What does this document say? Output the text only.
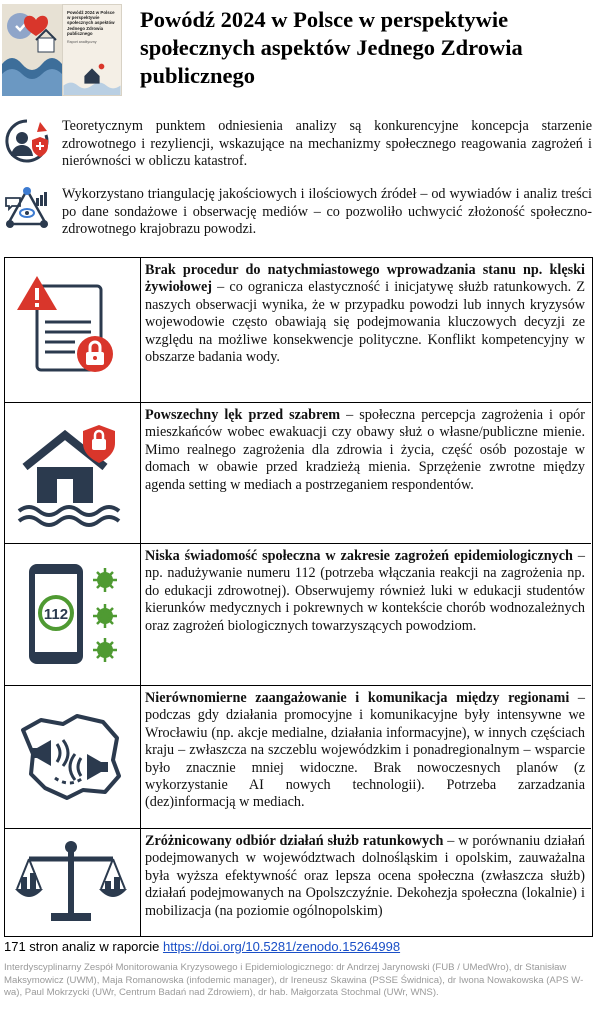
Powódź 2024 w Polsce w perspektywie społecznych aspektów Jednego Zdrowia publicznego
Raport analityczny
Powódź 2024 w Polsce w perspektywie społecznych aspektów Jednego Zdrowia publicznego
Teoretycznym punktem odniesienia analizy są konkurencyjne koncepcja starzenie zdrowotnego i rezyliencji, wskazujące na mechanizmy społecznego reagowania zagrożeń i nierówności w obliczu katastrof.
Wykorzystano triangulację jakościowych i ilościowych źródeł – od wywiadów i analiz treści po dane sondażowe i obserwację mediów – co pozwoliło uchwycić złożoność społeczno-zdrowotnego krajobrazu powodzi.
Brak procedur do natychmiastowego wprowadzania stanu np. klęski żywiołowej – co ogranicza elastyczność i inicjatywę służb ratunkowych. Z naszych obserwacji wynika, że w przypadku powodzi lub innych kryzysów wojewodowie często obawiają się podejmowania kluczowych decyzji ze względu na możliwe konsekwencje polityczne. Konflikt kompetencyjny w obszarze badania wody.
Powszechny lęk przed szabrem – społeczna percepcja zagrożenia i opór mieszkańców wobec ewakuacji czy obawy służ o własne/publiczne mienie. Mimo realnego zagrożenia dla zdrowia i życia, część osób pozostaje w domach w obawie przed kradzieżą mienia. Sprzężenie zwrotne między agenda setting w mediach a postrzeganiem respondentów.
112
Niska świadomość społeczna w zakresie zagrożeń epidemiologicznych – np. nadużywanie numeru 112 (potrzeba włączania reakcji na zagrożenia np. do edukacji zdrowotnej). Obserwujemy również luki w edukacji studentów kierunków medycznych i pokrewnych w kontekście chorób wodnozależnych oraz zagrożeń biologicznych towarzyszących powodziom.
Nierównomierne zaangażowanie i komunikacja między regionami – podczas gdy działania promocyjne i komunikacyjne były intensywne we Wrocławiu (np. akcje medialne, działania informacyjne), w innych częściach kraju – zwłaszcza na szczeblu wojewódzkim i ponadregionalnym – wsparcie było znacznie mniej widoczne. Brak nowoczesnych planów (z wykorzystanie AI nowych technologii). Potrzeba zarzadzania (dez)informacją w mediach.
Zróżnicowany odbiór działań służb ratunkowych – w porównaniu działań podejmowanych w województwach dolnośląskim i opolskim, zauważalna była wyższa efektywność oraz lepsza ocena społeczna (zwłaszcza służb) działań podejmowanych na Opolszczyźnie. Dekohezja społeczna (lokalnie) i mobilizacja (na poziomie ogólnopolskim)
171 stron analiz w raporcie https://doi.org/10.5281/zenodo.15264998
Interdyscyplinarny Zespół Monitorowania Kryzysowego i Epidemiologicznego: dr Andrzej Jarynowski (FUB / UMedWro), dr Stanisław Maksymowicz (UWM), Maja Romanowska (infodemic manager), dr Ireneusz Skawina (PSSE Świdnica), dr Iwona Nowakowska (APS W-wa), Paul Mokrzycki (UWr, Centrum Badań nad Zdrowiem), dr hab. Małgorzata Stochmal (UWr, WNS).
